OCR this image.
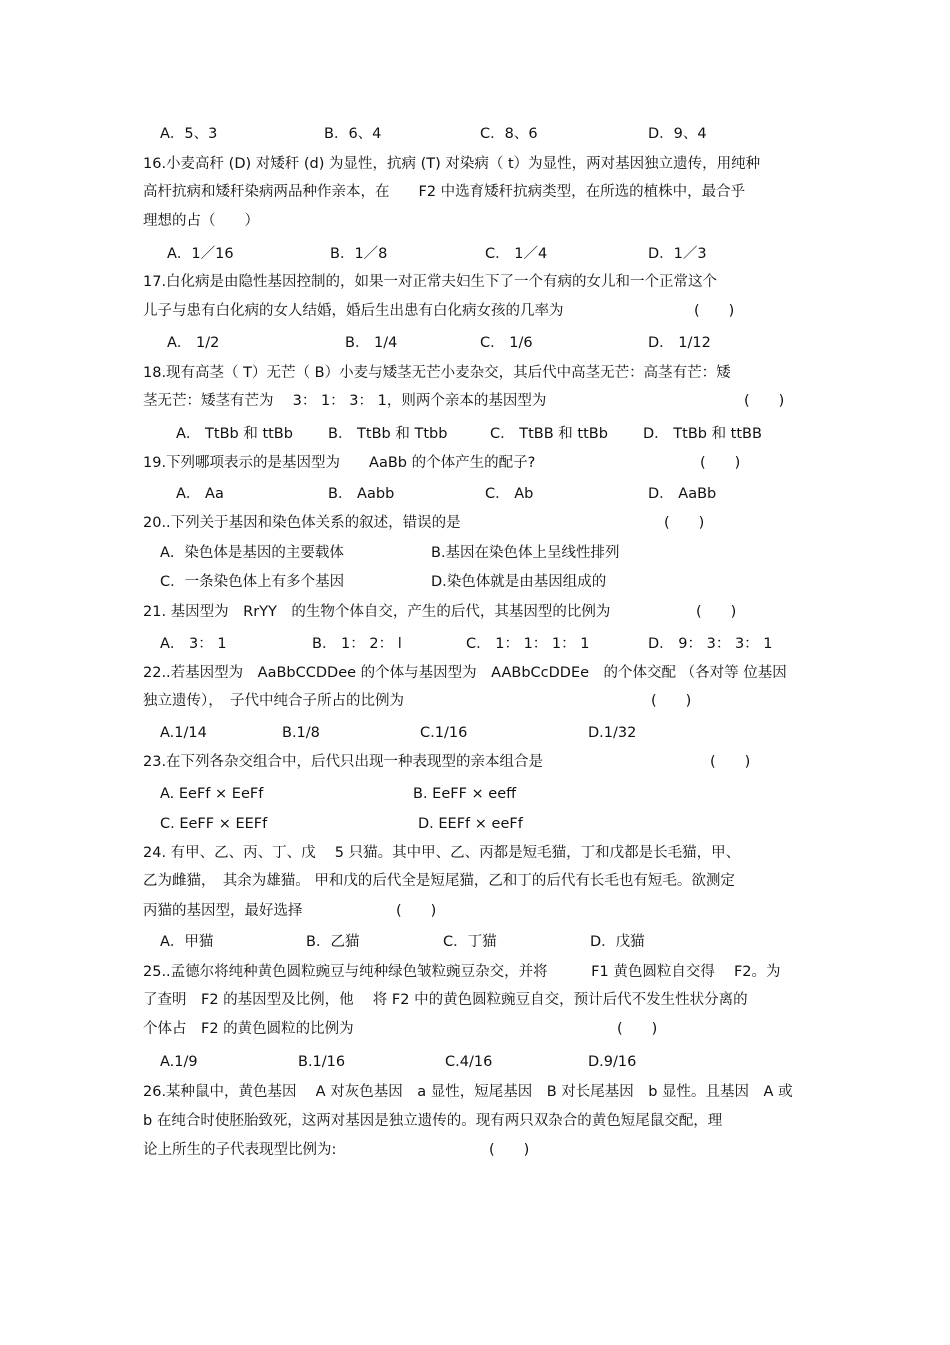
A．5、3	B．6、4	C．8、6	D．9、4
16.小麦高秆 (D) 对矮秆 (d) 为显性，抗病 (T) 对染病（ t）为显性，两对基因独立遗传，用纯种
高杆抗病和矮秆染病两品种作亲本，在　　F2 中选育矮秆抗病类型，在所选的植株中，最合乎
理想的占（　　）
A．1／16	B．1／8	C． 1／4	D．1／3
17.白化病是由隐性基因控制的，如果一对正常夫妇生下了一个有病的女儿和一个正常这个
儿子与患有白化病的女人结婚，婚后生出患有白化病女孩的几率为	(　　)
A． 1/2	B． 1/4	C． 1/6	D． 1/12
18.现有高茎（ T）无芒（ B）小麦与矮茎无芒小麦杂交，其后代中高茎无芒：高茎有芒：矮
茎无芒：矮茎有芒为　 3： 1： 3： 1，则两个亲本的基因型为	(　　)
A． TtBb 和 ttBb B． TtBb 和 Ttbb	C． TtBB 和 ttBb D． TtBb 和 ttBB
19.下列哪项表示的是基因型为　　AaBb 的个体产生的配子?	(　　)
A． Aa	B． Aabb	C． Ab	D． AaBb
20..下列关于基因和染色体关系的叙述，错误的是	(　　)
A．染色体是基因的主要载体	B.基因在染色体上呈线性排列
C．一条染色体上有多个基因	D.染色体就是由基因组成的
21. 基因型为　RrYY　的生物个体自交，产生的后代，其基因型的比例为	(　　)
A． 3： 1	B． 1： 2： l	C． 1： 1： 1： 1	D． 9： 3： 3： 1
22..若基因型为　AaBbCCDDee 的个体与基因型为　AABbCcDDEe　的个体交配 （各对等 位基因
独立遗传），　子代中纯合子所占的比例为	(　　)
A.1/14	B.1/8	C.1/16	D.1/32
23.在下列各杂交组合中，后代只出现一种表现型的亲本组合是	(　　)
A. EeFf × EeFf	B. EeFF × eeff
C. EeFF × EEFf	D. EEFf × eeFf
24. 有甲、乙、丙、丁、戊　 5 只猫。其中甲、乙、丙都是短毛猫，丁和戊都是长毛猫，甲、
乙为雌猫，　其余为雄猫。 甲和戊的后代全是短尾猫，乙和丁的后代有长毛也有短毛。欲测定
丙猫的基因型，最好选择	(　　)
A．甲猫	B．乙猫	C．丁猫	D．戊猫
25..孟德尔将纯种黄色圆粒豌豆与纯种绿色皱粒豌豆杂交，并将　　　F1 黄色圆粒自交得　 F2。为
了查明　F2 的基因型及比例，他　 将 F2 中的黄色圆粒豌豆自交，预计后代不发生性状分离的
个体占　F2 的黄色圆粒的比例为	(　　)
A.1/9	B.1/16	C.4/16	D.9/16
26.某种鼠中，黄色基因　 A 对灰色基因　a 显性，短尾基因　B 对长尾基因　b 显性。且基因　A 或
b 在纯合时使胚胎致死，这两对基因是独立遗传的。现有两只双杂合的黄色短尾鼠交配，理
论上所生的子代表现型比例为:	(　　)
